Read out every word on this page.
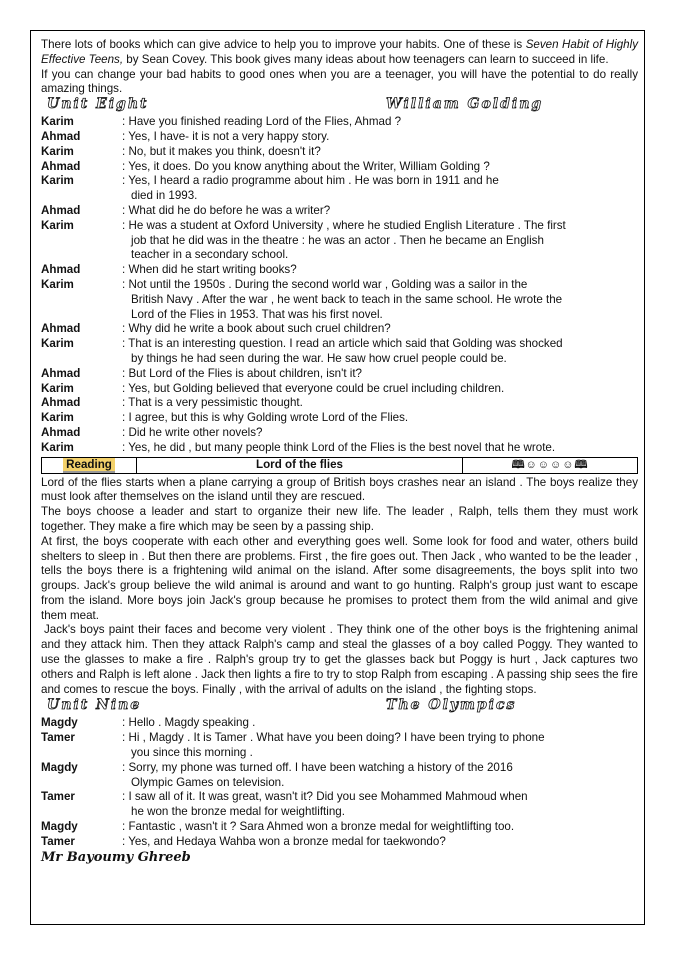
There lots of books which can give advice to help you to improve your habits. One of these is Seven Habit of Highly Effective Teens, by Sean Covey. This book gives many ideas about how teenagers can learn to succeed in life.

If you can change your bad habits to good ones when you are a teenager, you will have the potential to do really amazing things.

Unit Eight	William Golding
Karim	: Have you finished reading Lord of the Flies, Ahmad ?
Ahmad	: Yes, I have- it is not a very happy story.
Karim	: No, but it makes you think, doesn't it?
Ahmad	: Yes, it does. Do you know anything about the Writer, William Golding ?
Karim	: Yes, I heard a radio programme about him . He was born in 1911 and he
died in 1993.
Ahmad	: What did he do before he was a writer?
Karim	: He was a student at Oxford University , where he studied English Literature . The first
job that he did was in the theatre : he was an actor . Then he became an English
teacher in a secondary school.
Ahmad	: When did he start writing books?
Karim	: Not until the 1950s . During the second world war , Golding was a sailor in the
British Navy . After the war , he went back to teach in the same school. He wrote the
Lord of the Flies in 1953. That was his first novel.
Ahmad	: Why did he write a book about such cruel children?
Karim	: That is an interesting question. I read an article which said that Golding was shocked
by things he had seen during the war. He saw how cruel people could be.
Ahmad	: But Lord of the Flies is about children, isn't it?
Karim	: Yes, but Golding believed that everyone could be cruel including children.
Ahmad	: That is a very pessimistic thought.
Karim	: I agree, but this is why Golding wrote Lord of the Flies.
Ahmad	: Did he write other novels?
Karim	: Yes, he did , but many people think Lord of the Flies is the best novel that he wrote.
Reading	Lord of the flies	🕮☺☺☺☺🕮

Lord of the flies starts when a plane carrying a group of British boys crashes near an island . The boys realize they must look after themselves on the island until they are rescued.

The boys choose a leader and start to organize their new life. The leader , Ralph, tells them they must work together. They make a fire which may be seen by a passing ship.

At first, the boys cooperate with each other and everything goes well. Some look for food and water, others build shelters to sleep in . But then there are problems. First , the fire goes out. Then Jack , who wanted to be the leader , tells the boys there is a frightening wild animal on the island. After some disagreements, the boys split into two groups. Jack's group believe the wild animal is around and want to go hunting. Ralph's group just want to escape from the island. More boys join Jack's group because he promises to protect them from the wild animal and give them meat.

Jack's boys paint their faces and become very violent . They think one of the other boys is the frightening animal and they attack him. Then they attack Ralph's camp and steal the glasses of a boy called Poggy. They wanted to use the glasses to make a fire . Ralph's group try to get the glasses back but Poggy is hurt , Jack captures two others and Ralph is left alone . Jack then lights a fire to try to stop Ralph from escaping . A passing ship sees the fire and comes to rescue the boys. Finally , with the arrival of adults on the island , the fighting stops.

Unit Nine	The Olympics
Magdy	: Hello . Magdy speaking .
Tamer	: Hi , Magdy . It is Tamer . What have you been doing? I have been trying to phone
you since this morning .
Magdy	: Sorry, my phone was turned off. I have been watching a history of the 2016
Olympic Games on television.
Tamer	: I saw all of it. It was great, wasn't it? Did you see Mohammed Mahmoud when
he won the bronze medal for weightlifting.
Magdy	: Fantastic , wasn't it ? Sara Ahmed won a bronze medal for weightlifting too.
Tamer	: Yes, and Hedaya Wahba won a bronze medal for taekwondo?
Mr Bayoumy Ghreeb
